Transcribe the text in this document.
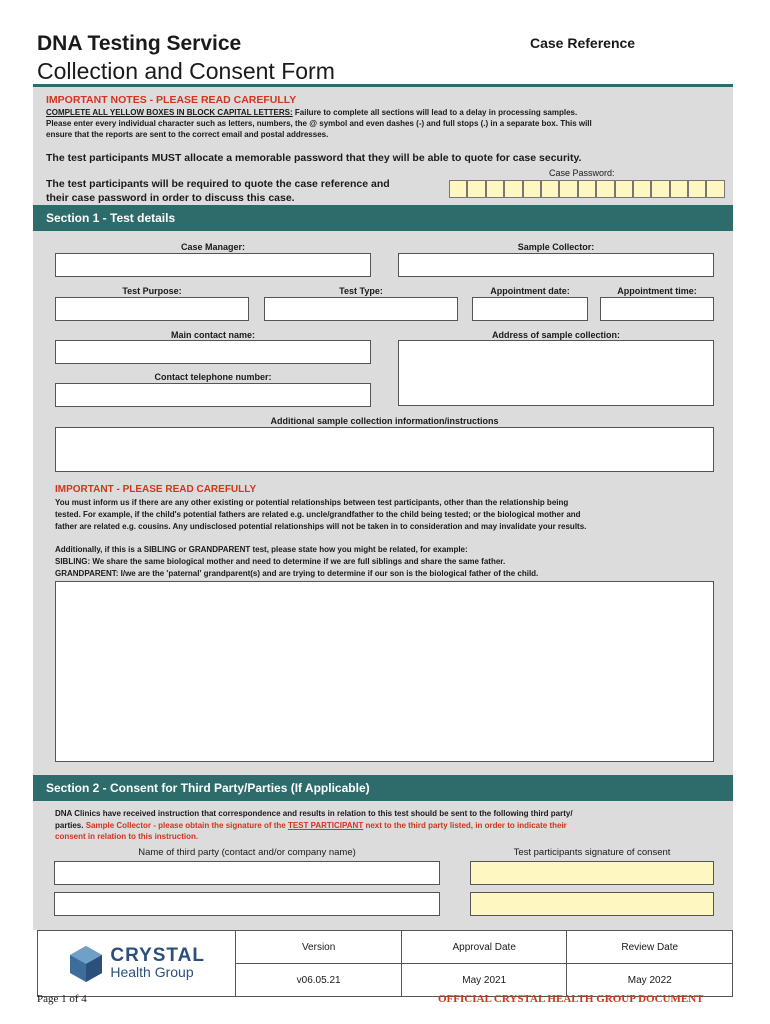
DNA Testing Service
Collection and Consent Form
Case Reference
IMPORTANT NOTES - PLEASE READ CAREFULLY
COMPLETE ALL YELLOW BOXES IN BLOCK CAPITAL LETTERS: Failure to complete all sections will lead to a delay in processing samples.
Please enter every individual character such as letters, numbers, the @ symbol and even dashes (-) and full stops (.) in a separate box. This will
ensure that the reports are sent to the correct email and postal addresses.
The test participants MUST allocate a memorable password that they will be able to quote for case security.
Case Password:
The test participants will be required to quote the case reference and
their case password in order to discuss this case.
Section 1 - Test details
Case Manager:	Sample Collector:
Test Purpose:	Test Type:	Appointment date:	Appointment time:
Main contact name:	Address of sample collection:
Contact telephone number:
Additional sample collection information/instructions
IMPORTANT - PLEASE READ CAREFULLY
You must inform us if there are any other existing or potential relationships between test participants, other than the relationship being
tested. For example, if the child's potential fathers are related e.g. uncle/grandfather to the child being tested; or the biological mother and
father are related e.g. cousins. Any undisclosed potential relationships will not be taken in to consideration and may invalidate your results.
Additionally, if this is a SIBLING or GRANDPARENT test, please state how you might be related, for example:
SIBLING: We share the same biological mother and need to determine if we are full siblings and share the same father.
GRANDPARENT: I/we are the 'paternal' grandparent(s) and are trying to determine if our son is the biological father of the child.
Section 2 - Consent for Third Party/Parties (If Applicable)
DNA Clinics have received instruction that correspondence and results in relation to this test should be sent to the following third party/
parties. Sample Collector - please obtain the signature of the TEST PARTICIPANT next to the third party listed, in order to indicate their
consent in relation to this instruction.
Name of third party (contact and/or company name)	Test participants signature of consent
CRYSTAL
Health Group	Version	Approval Date	Review Date
	v06.05.21	May 2021	May 2022
Page 1 of 4	OFFICIAL CRYSTAL HEALTH GROUP DOCUMENT
